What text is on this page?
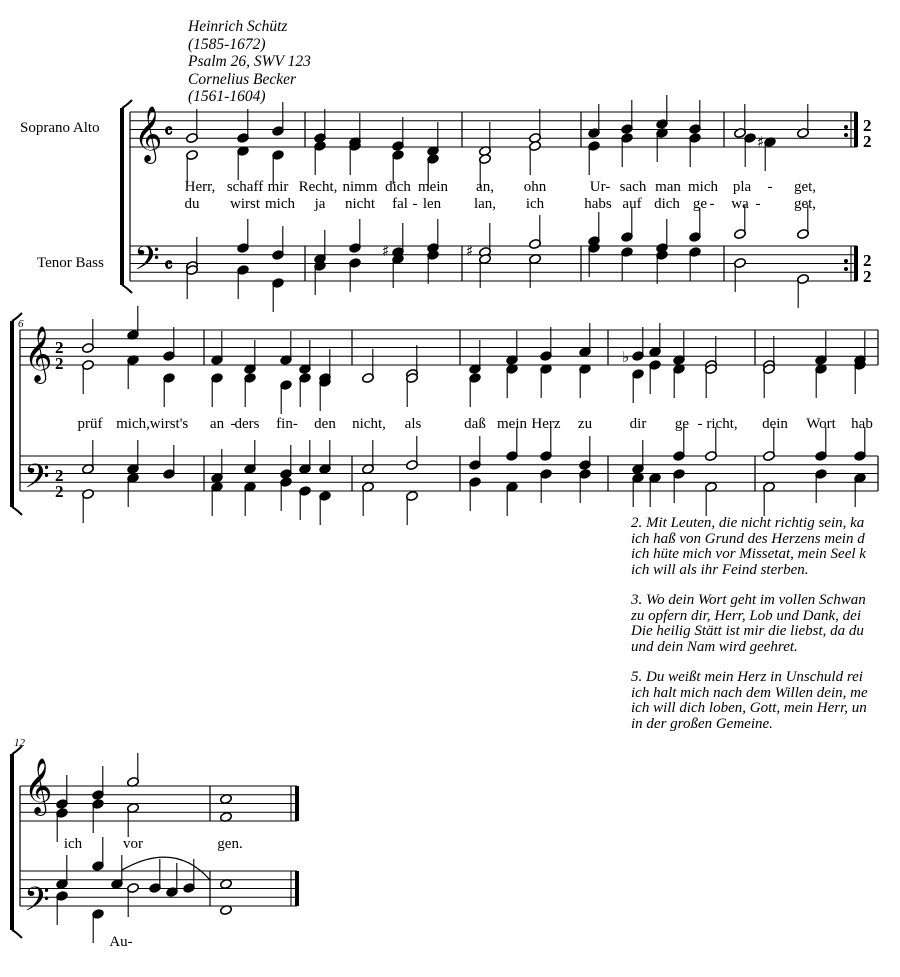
Heinrich Schütz
(1585-1672)
Psalm 26, SWV 123
Cornelius Becker
(1561-1604)
Soprano Alto
Tenor Bass
6
12
♯	♯
♯
♭
𝄞
𝄢
𝄞
𝄢
𝄞
𝄢
𝄴
𝄴
2
2
2
2
2
2
2
2
Herr, schaff mir Recht, nimm dich mein an, ohn	Ur- sach man mich pla - get,
du wirst mich ja nicht fal - len lan, ich	habs auf dich ge - wa - get,
prüf mich, wirst's an - ders fin- den nicht, als	daß mein Herz zu	dir ge - richt, dein Wort hab
ich	vor	gen.
Au-
2. Mit Leuten, die nicht richtig sein, ka
ich haß von Grund des Herzens mein d
ich hüte mich vor Missetat, mein Seel k
ich will als ihr Feind sterben.
3. Wo dein Wort geht im vollen Schwan
zu opfern dir, Herr, Lob und Dank, dei
Die heilig Stätt ist mir die liebst, da du
und dein Nam wird geehret.
5. Du weißt mein Herz in Unschuld rei
ich halt mich nach dem Willen dein, me
ich will dich loben, Gott, mein Herr, un
in der großen Gemeine.
